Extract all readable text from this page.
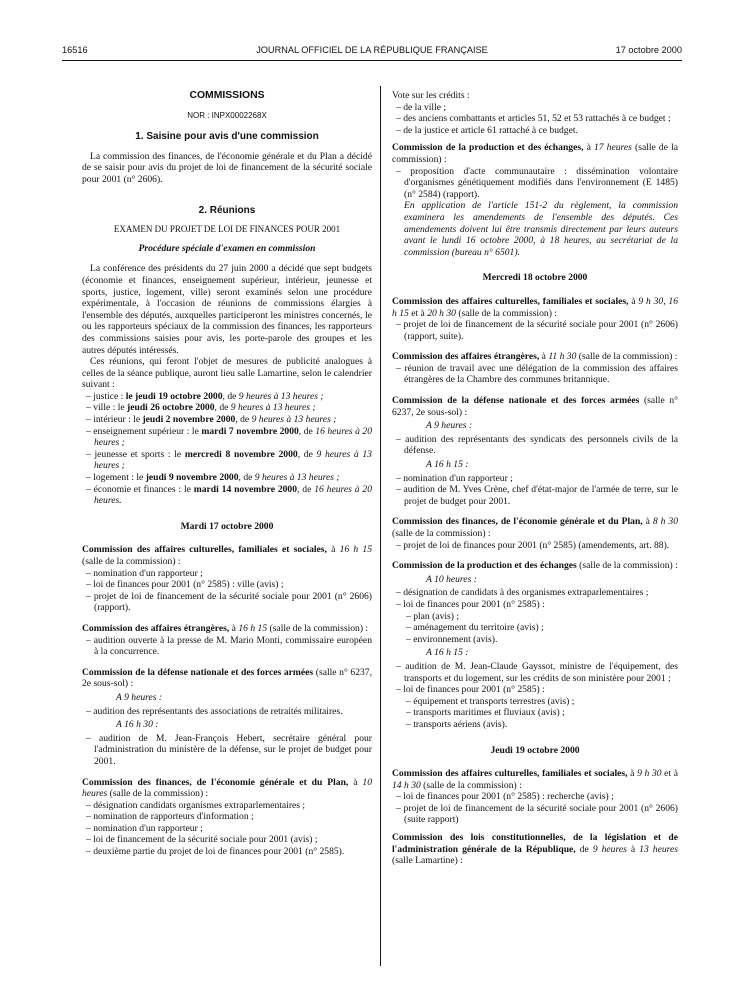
16516	JOURNAL OFFICIEL DE LA RÉPUBLIQUE FRANÇAISE	17 octobre 2000

COMMISSIONS

NOR : INPX0002268X

1. Saisine pour avis d'une commission

La commission des finances, de l'économie générale et du Plan a décidé de se saisir pour avis du projet de loi de financement de la sécurité sociale pour 2001 (n° 2606).

2. Réunions

EXAMEN DU PROJET DE LOI DE FINANCES POUR 2001

Procédure spéciale d'examen en commission

La conférence des présidents du 27 juin 2000 a décidé que sept budgets (économie et finances, enseignement supérieur, intérieur, jeunesse et sports, justice, logement, ville) seront examinés selon une procédure expérimentale, à l'occasion de réunions de commissions élargies à l'ensemble des députés, auxquelles participeront les ministres concernés, le ou les rapporteurs spéciaux de la commission des finances, les rapporteurs des commissions saisies pour avis, les porte-parole des groupes et les autres députés intéressés.

Ces réunions, qui feront l'objet de mesures de publicité analogues à celles de la séance publique, auront lieu salle Lamartine, selon le calendrier suivant :

– justice : le jeudi 19 octobre 2000, de 9 heures à 13 heures ;

– ville : le jeudi 26 octobre 2000, de 9 heures à 13 heures ;

– intérieur : le jeudi 2 novembre 2000, de 9 heures à 13 heures ;

– enseignement supérieur : le mardi 7 novembre 2000, de 16 heures à 20 heures ;

– jeunesse et sports : le mercredi 8 novembre 2000, de 9 heures à 13 heures ;

– logement : le jeudi 9 novembre 2000, de 9 heures à 13 heures ;

– économie et finances : le mardi 14 novembre 2000, de 16 heures à 20 heures.

Mardi 17 octobre 2000

Commission des affaires culturelles, familiales et sociales, à 16 h 15 (salle de la commission) :

– nomination d'un rapporteur ;

– loi de finances pour 2001 (n° 2585) : ville (avis) ;

– projet de loi de financement de la sécurité sociale pour 2001 (n° 2606) (rapport).

Commission des affaires étrangères, à 16 h 15 (salle de la commission) :

– audition ouverte à la presse de M. Mario Monti, commissaire européen à la concurrence.

Commission de la défense nationale et des forces armées (salle n° 6237, 2e sous-sol) :

A 9 heures :

– audition des représentants des associations de retraités militaires.

A 16 h 30 :

– audition de M. Jean-François Hebert, secrétaire général pour l'administration du ministère de la défense, sur le projet de budget pour 2001.

Commission des finances, de l'économie générale et du Plan, à 10 heures (salle de la commission) :

– désignation candidats organismes extraparlementaires ;

– nomination de rapporteurs d'information ;

– nomination d'un rapporteur ;

– loi de financement de la sécurité sociale pour 2001 (avis) ;

– deuxième partie du projet de loi de finances pour 2001 (n° 2585).

Vote sur les crédits :

– de la ville ;

– des anciens combattants et articles 51, 52 et 53 rattachés à ce budget ;

– de la justice et article 61 rattaché à ce budget.

Commission de la production et des échanges, à 17 heures (salle de la commission) :

– proposition d'acte communautaire : dissémination volontaire d'organismes génétiquement modifiés dans l'environnement (E 1485) (n° 2584) (rapport).

En application de l'article 151-2 du règlement, la commission examinera les amendements de l'ensemble des députés. Ces amendements doivent lui être transmis directement par leurs auteurs avant le lundi 16 octobre 2000, à 18 heures, au secrétariat de la commission (bureau n° 6501).

Mercredi 18 octobre 2000

Commission des affaires culturelles, familiales et sociales, à 9 h 30, 16 h 15 et à 20 h 30 (salle de la commission) :

– projet de loi de financement de la sécurité sociale pour 2001 (n° 2606) (rapport, suite).

Commission des affaires étrangères, à 11 h 30 (salle de la commission) :

– réunion de travail avec une délégation de la commission des affaires étrangères de la Chambre des communes britannique.

Commission de la défense nationale et des forces armées (salle n° 6237, 2e sous-sol) :

A 9 heures :

– audition des représentants des syndicats des personnels civils de la défense.

A 16 h 15 :

– nomination d'un rapporteur ;

– audition de M. Yves Crène, chef d'état-major de l'armée de terre, sur le projet de budget pour 2001.

Commission des finances, de l'économie générale et du Plan, à 8 h 30 (salle de la commission) :

– projet de loi de finances pour 2001 (n° 2585) (amendements, art. 88).

Commission de la production et des échanges (salle de la commission) :

A 10 heures :

– désignation de candidats à des organismes extraparlementaires ;

– loi de finances pour 2001 (n° 2585) :

– plan (avis) ;

– aménagement du territoire (avis) ;

– environnement (avis).

A 16 h 15 :

– audition de M. Jean-Claude Gayssot, ministre de l'équipement, des transports et du logement, sur les crédits de son ministère pour 2001 ;

– loi de finances pour 2001 (n° 2585) :

– équipement et transports terrestres (avis) ;

– transports maritimes et fluviaux (avis) ;

– transports aériens (avis).

Jeudi 19 octobre 2000

Commission des affaires culturelles, familiales et sociales, à 9 h 30 et à 14 h 30 (salle de la commission) :

– loi de finances pour 2001 (n° 2585) : recherche (avis) ;

– projet de loi de financement de la sécurité sociale pour 2001 (n° 2606) (suite rapport)

Commission des lois constitutionnelles, de la législation et de l'administration générale de la République, de 9 heures à 13 heures (salle Lamartine) :
